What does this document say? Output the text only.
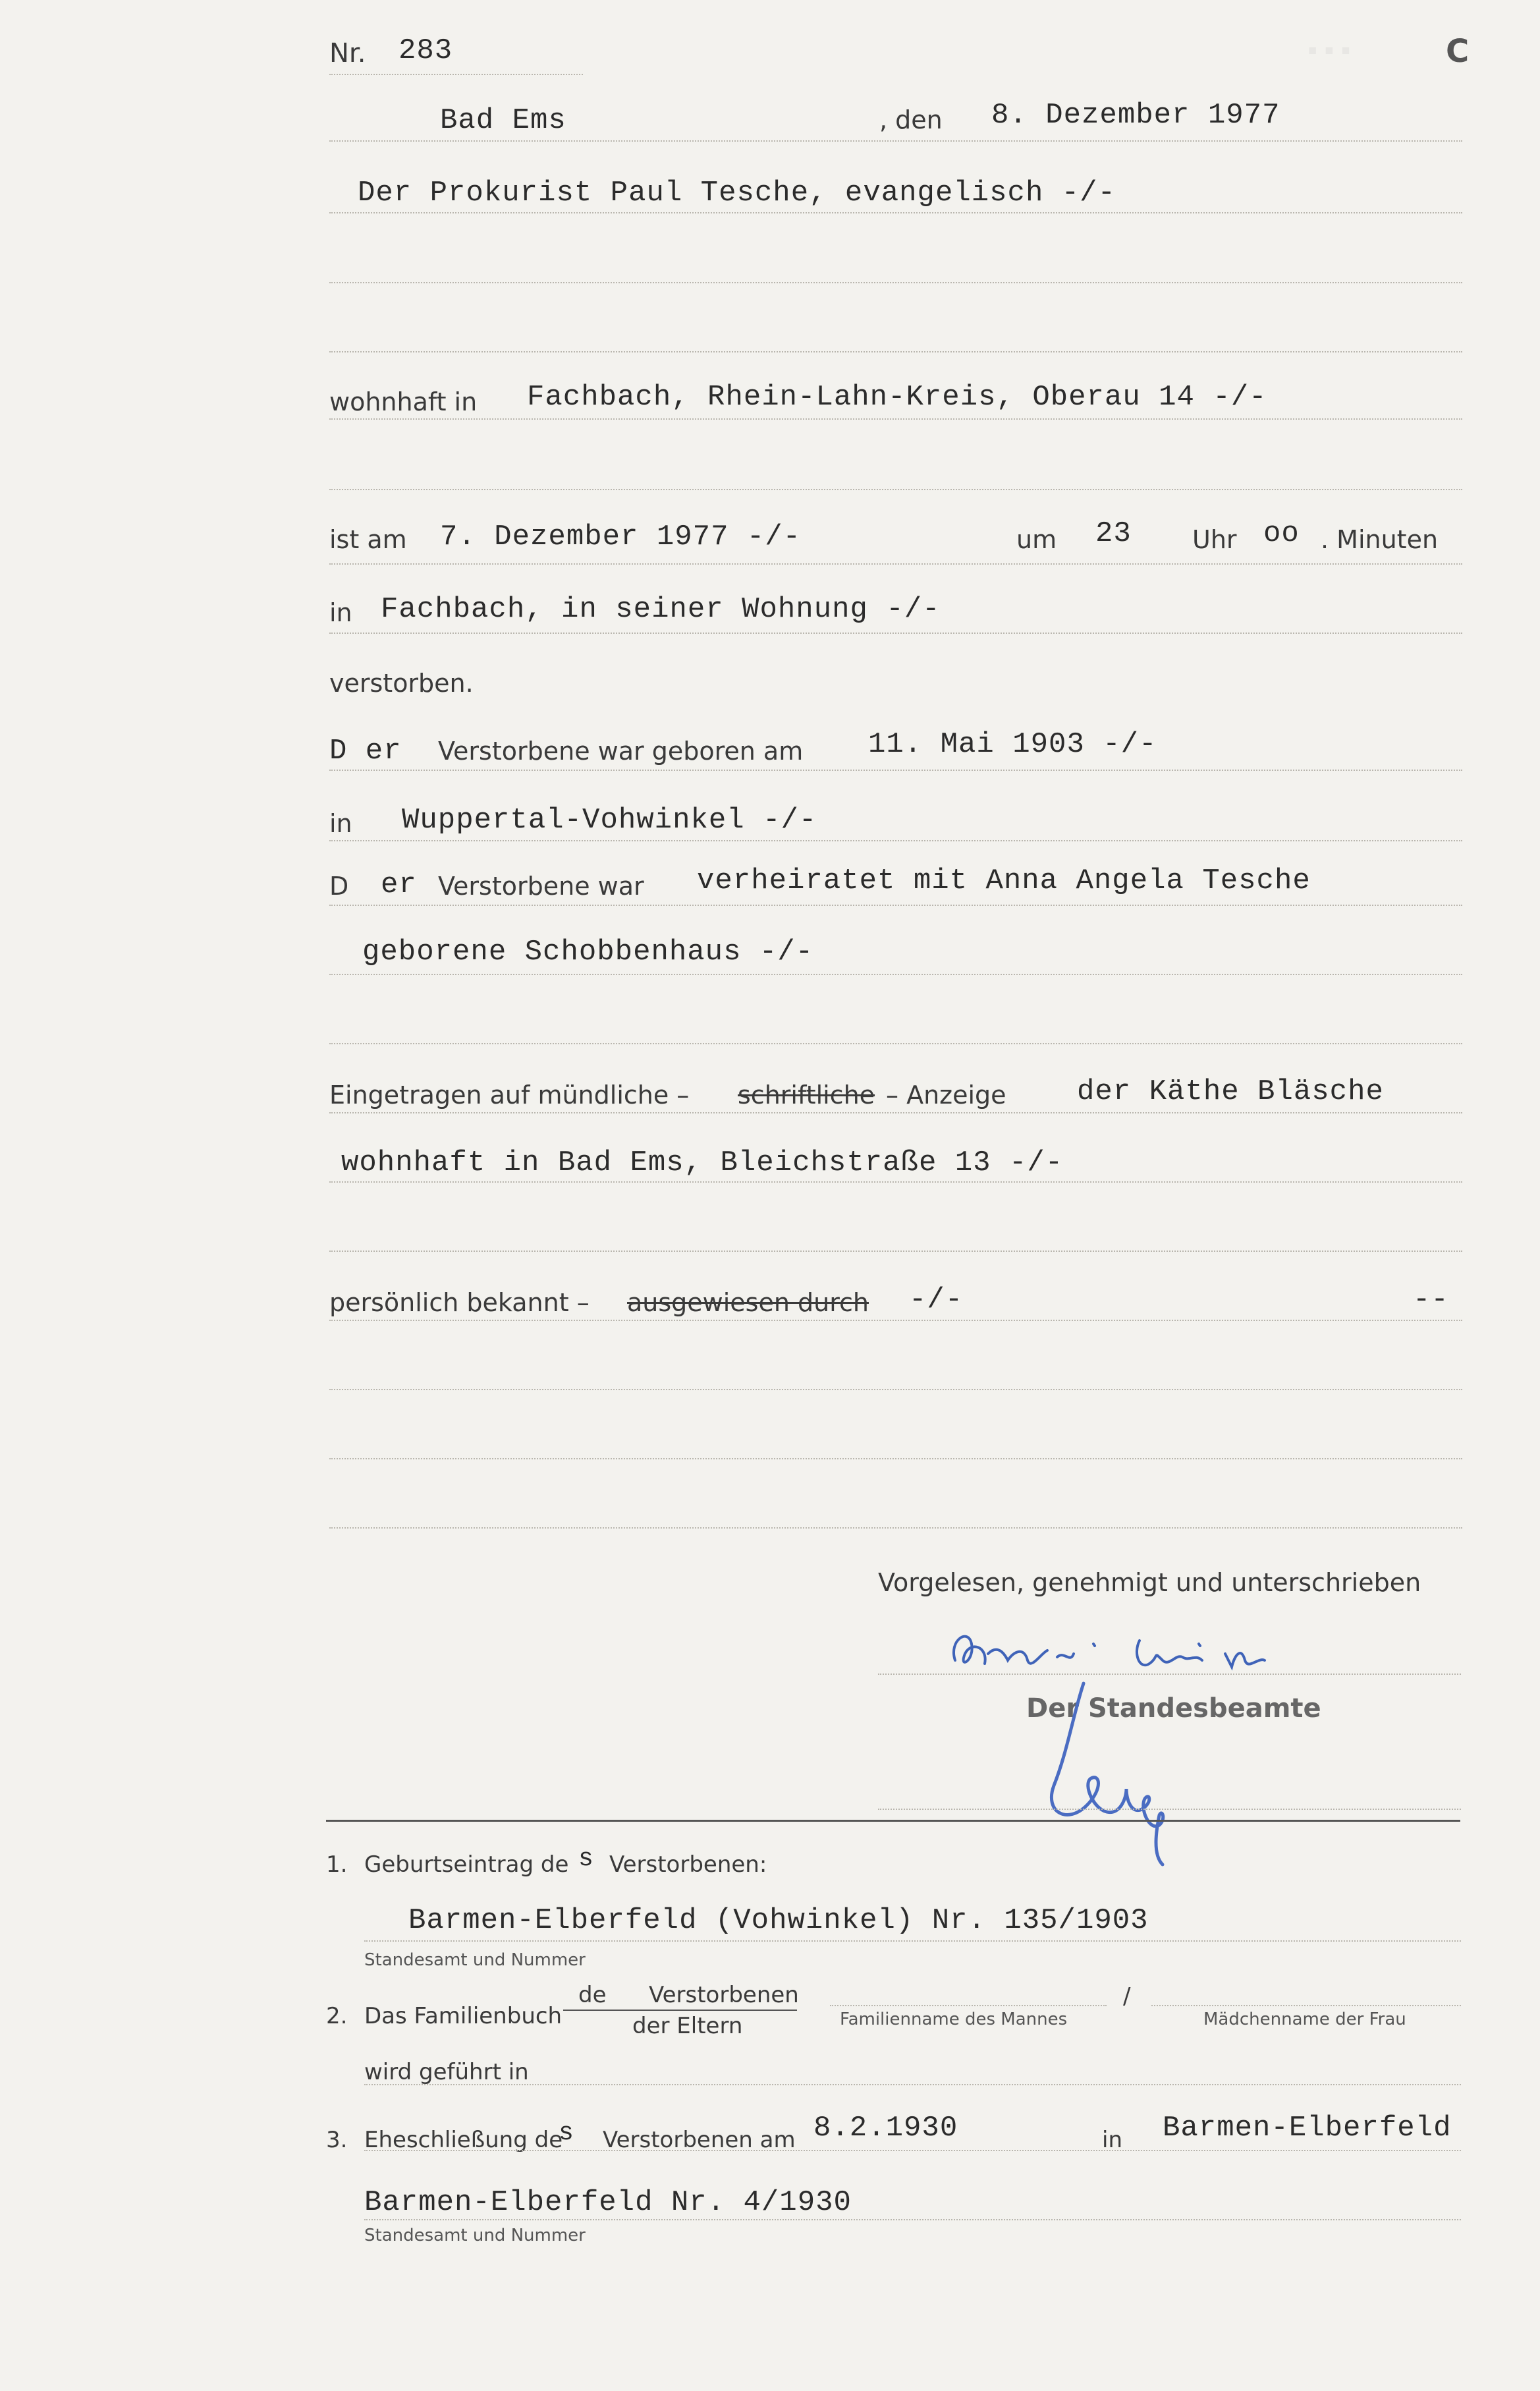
▪▪▪	C
Nr. 283
Bad Ems	, den 8. Dezember 1977
Der Prokurist Paul Tesche, evangelisch -/-
wohnhaft in Fachbach, Rhein-Lahn-Kreis, Oberau 14 -/-
ist am 7. Dezember 1977 -/-	um 23 Uhr oo . Minuten
in Fachbach, in seiner Wohnung -/-
verstorben.
D er Verstorbene war geboren am 11. Mai 1903 -/-
in Wuppertal-Vohwinkel -/-
D er Verstorbene war verheiratet mit Anna Angela Tesche
geborene Schobbenhaus -/-
Eingetragen auf mündliche – schriftliche – Anzeige der Käthe Bläsche
wohnhaft in Bad Ems, Bleichstraße 13 -/-
persönlich bekannt – ausgewiesen durch -/-	--
Vorgelesen, genehmigt und unterschrieben
Der Standesbeamte
1. Geburtseintrag de s Verstorbenen:
Barmen-Elberfeld (Vohwinkel) Nr. 135/1903
Standesamt und Nummer
2. Das Familienbuch
de Verstorbenen
der Eltern	Familienname des Mannes
/
Mädchenname der Frau
wird geführt in
3. Eheschließung de
s Verstorbenen am 8.2.1930	in Barmen-Elberfeld
Barmen-Elberfeld Nr. 4/1930
Standesamt und Nummer
